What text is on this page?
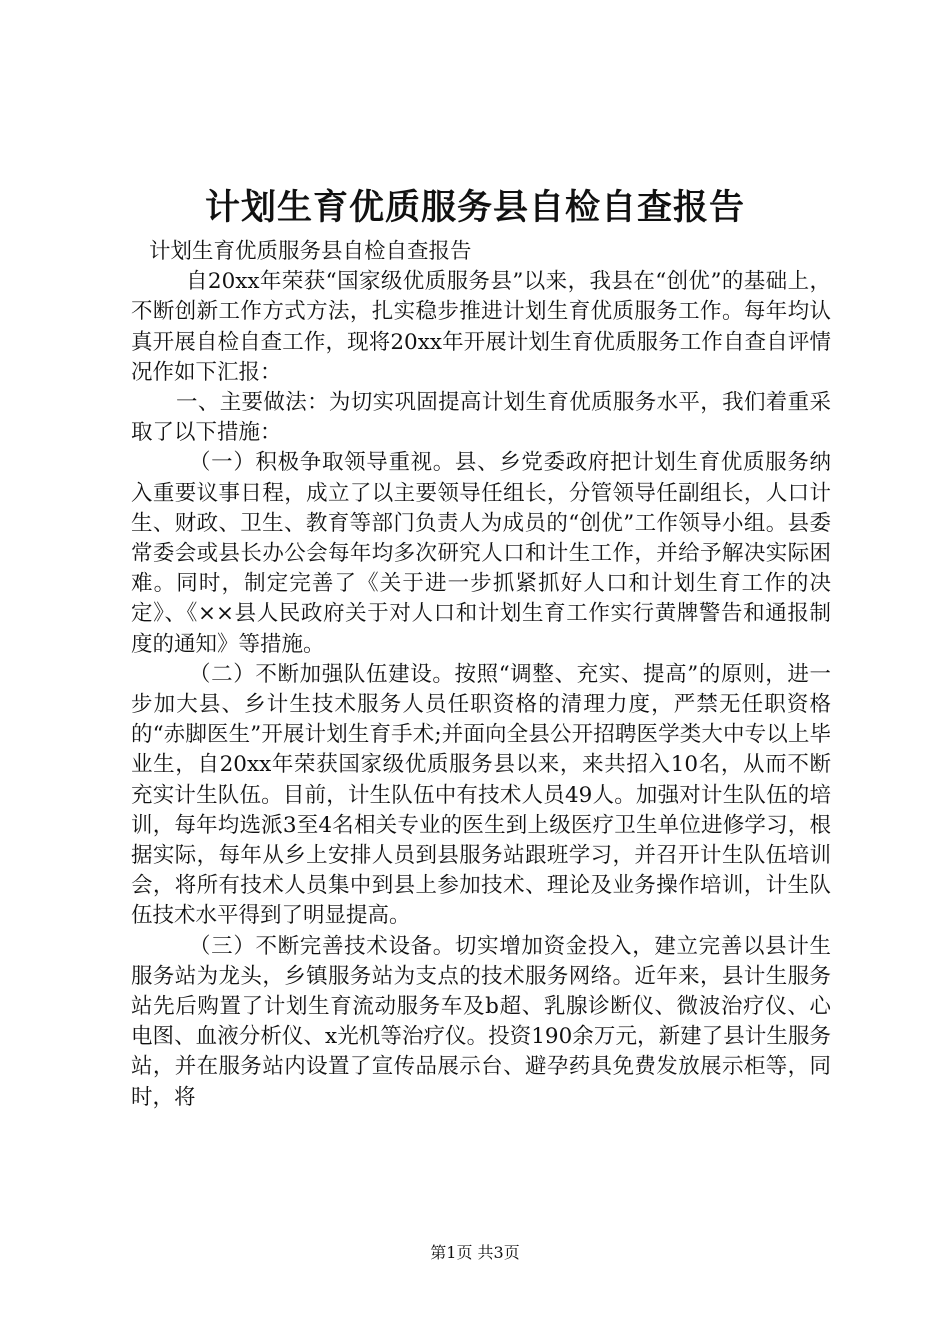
计划生育优质服务县自检自查报告

计划生育优质服务县自检自查报告

自20xx年荣获“国家级优质服务县”以来，我县在“创优”的基础上，不断创新工作方式方法，扎实稳步推进计划生育优质服务工作。每年均认真开展自检自查工作，现将20xx年开展计划生育优质服务工作自查自评情况作如下汇报：

一、主要做法：为切实巩固提高计划生育优质服务水平，我们着重采取了以下措施：

（一）积极争取领导重视。县、乡党委政府把计划生育优质服务纳入重要议事日程，成立了以主要领导任组长，分管领导任副组长，人口计生、财政、卫生、教育等部门负责人为成员的“创优”工作领导小组。县委常委会或县长办公会每年均多次研究人口和计生工作，并给予解决实际困难。同时，制定完善了《关于进一步抓紧抓好人口和计划生育工作的决定》、《××县人民政府关于对人口和计划生育工作实行黄牌警告和通报制度的通知》等措施。

（二）不断加强队伍建设。按照“调整、充实、提高”的原则，进一步加大县、乡计生技术服务人员任职资格的清理力度，严禁无任职资格的“赤脚医生”开展计划生育手术;并面向全县公开招聘医学类大中专以上毕业生，自20xx年荣获国家级优质服务县以来，来共招入10名，从而不断充实计生队伍。目前，计生队伍中有技术人员49人。加强对计生队伍的培训，每年均选派3至4名相关专业的医生到上级医疗卫生单位进修学习，根据实际，每年从乡上安排人员到县服务站跟班学习，并召开计生队伍培训会，将所有技术人员集中到县上参加技术、理论及业务操作培训，计生队伍技术水平得到了明显提高。

（三）不断完善技术设备。切实增加资金投入，建立完善以县计生服务站为龙头，乡镇服务站为支点的技术服务网络。近年来，县计生服务站先后购置了计划生育流动服务车及b超、乳腺诊断仪、微波治疗仪、心电图、血液分析仪、x光机等治疗仪。投资190余万元，新建了县计生服务站，并在服务站内设置了宣传品展示台、避孕药具免费发放展示柜等，同时，将

第1页 共3页
